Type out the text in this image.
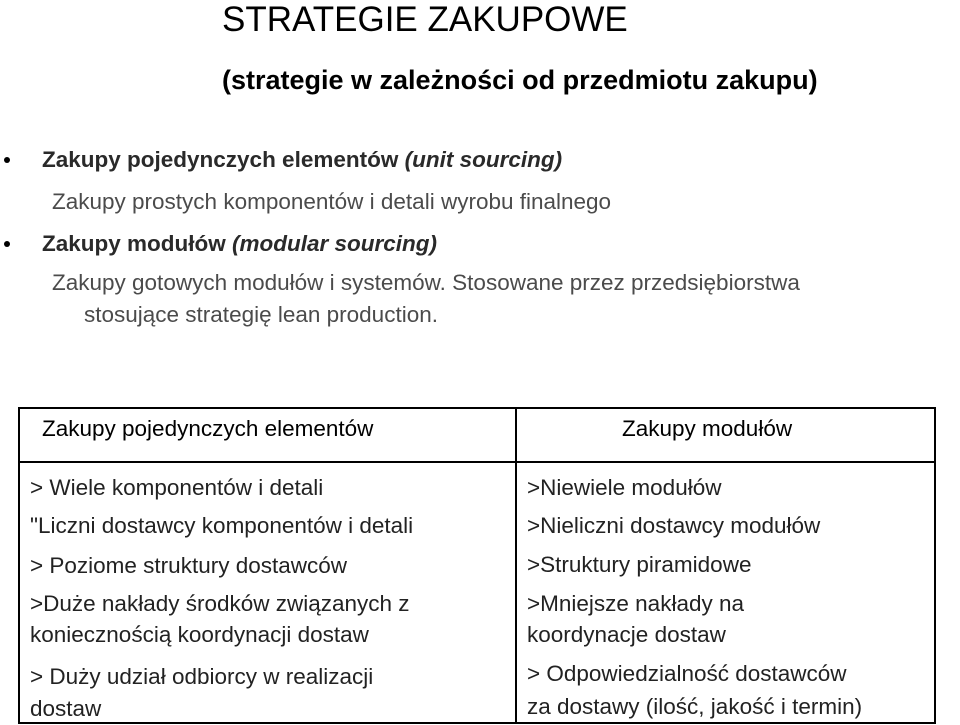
STRATEGIE ZAKUPOWE
(strategie w zależności od przedmiotu zakupu)
Zakupy pojedynczych elementów (unit sourcing)
Zakupy prostych komponentów i detali wyrobu finalnego
Zakupy modułów (modular sourcing)
Zakupy gotowych modułów i systemów. Stosowane przez przedsiębiorstwa
stosujące strategię lean production.
Zakupy pojedynczych elementów	Zakupy modułów
> Wiele komponentów i detali
"Liczni dostawcy komponentów i detali
> Poziome struktury dostawców
>Duże nakłady środków związanych z
koniecznością koordynacji dostaw
> Duży udział odbiorcy w realizacji
dostaw
>Niewiele modułów
>Nieliczni dostawcy modułów
>Struktury piramidowe
>Mniejsze nakłady na
koordynacje dostaw
> Odpowiedzialność dostawców
za dostawy (ilość, jakość i termin)
